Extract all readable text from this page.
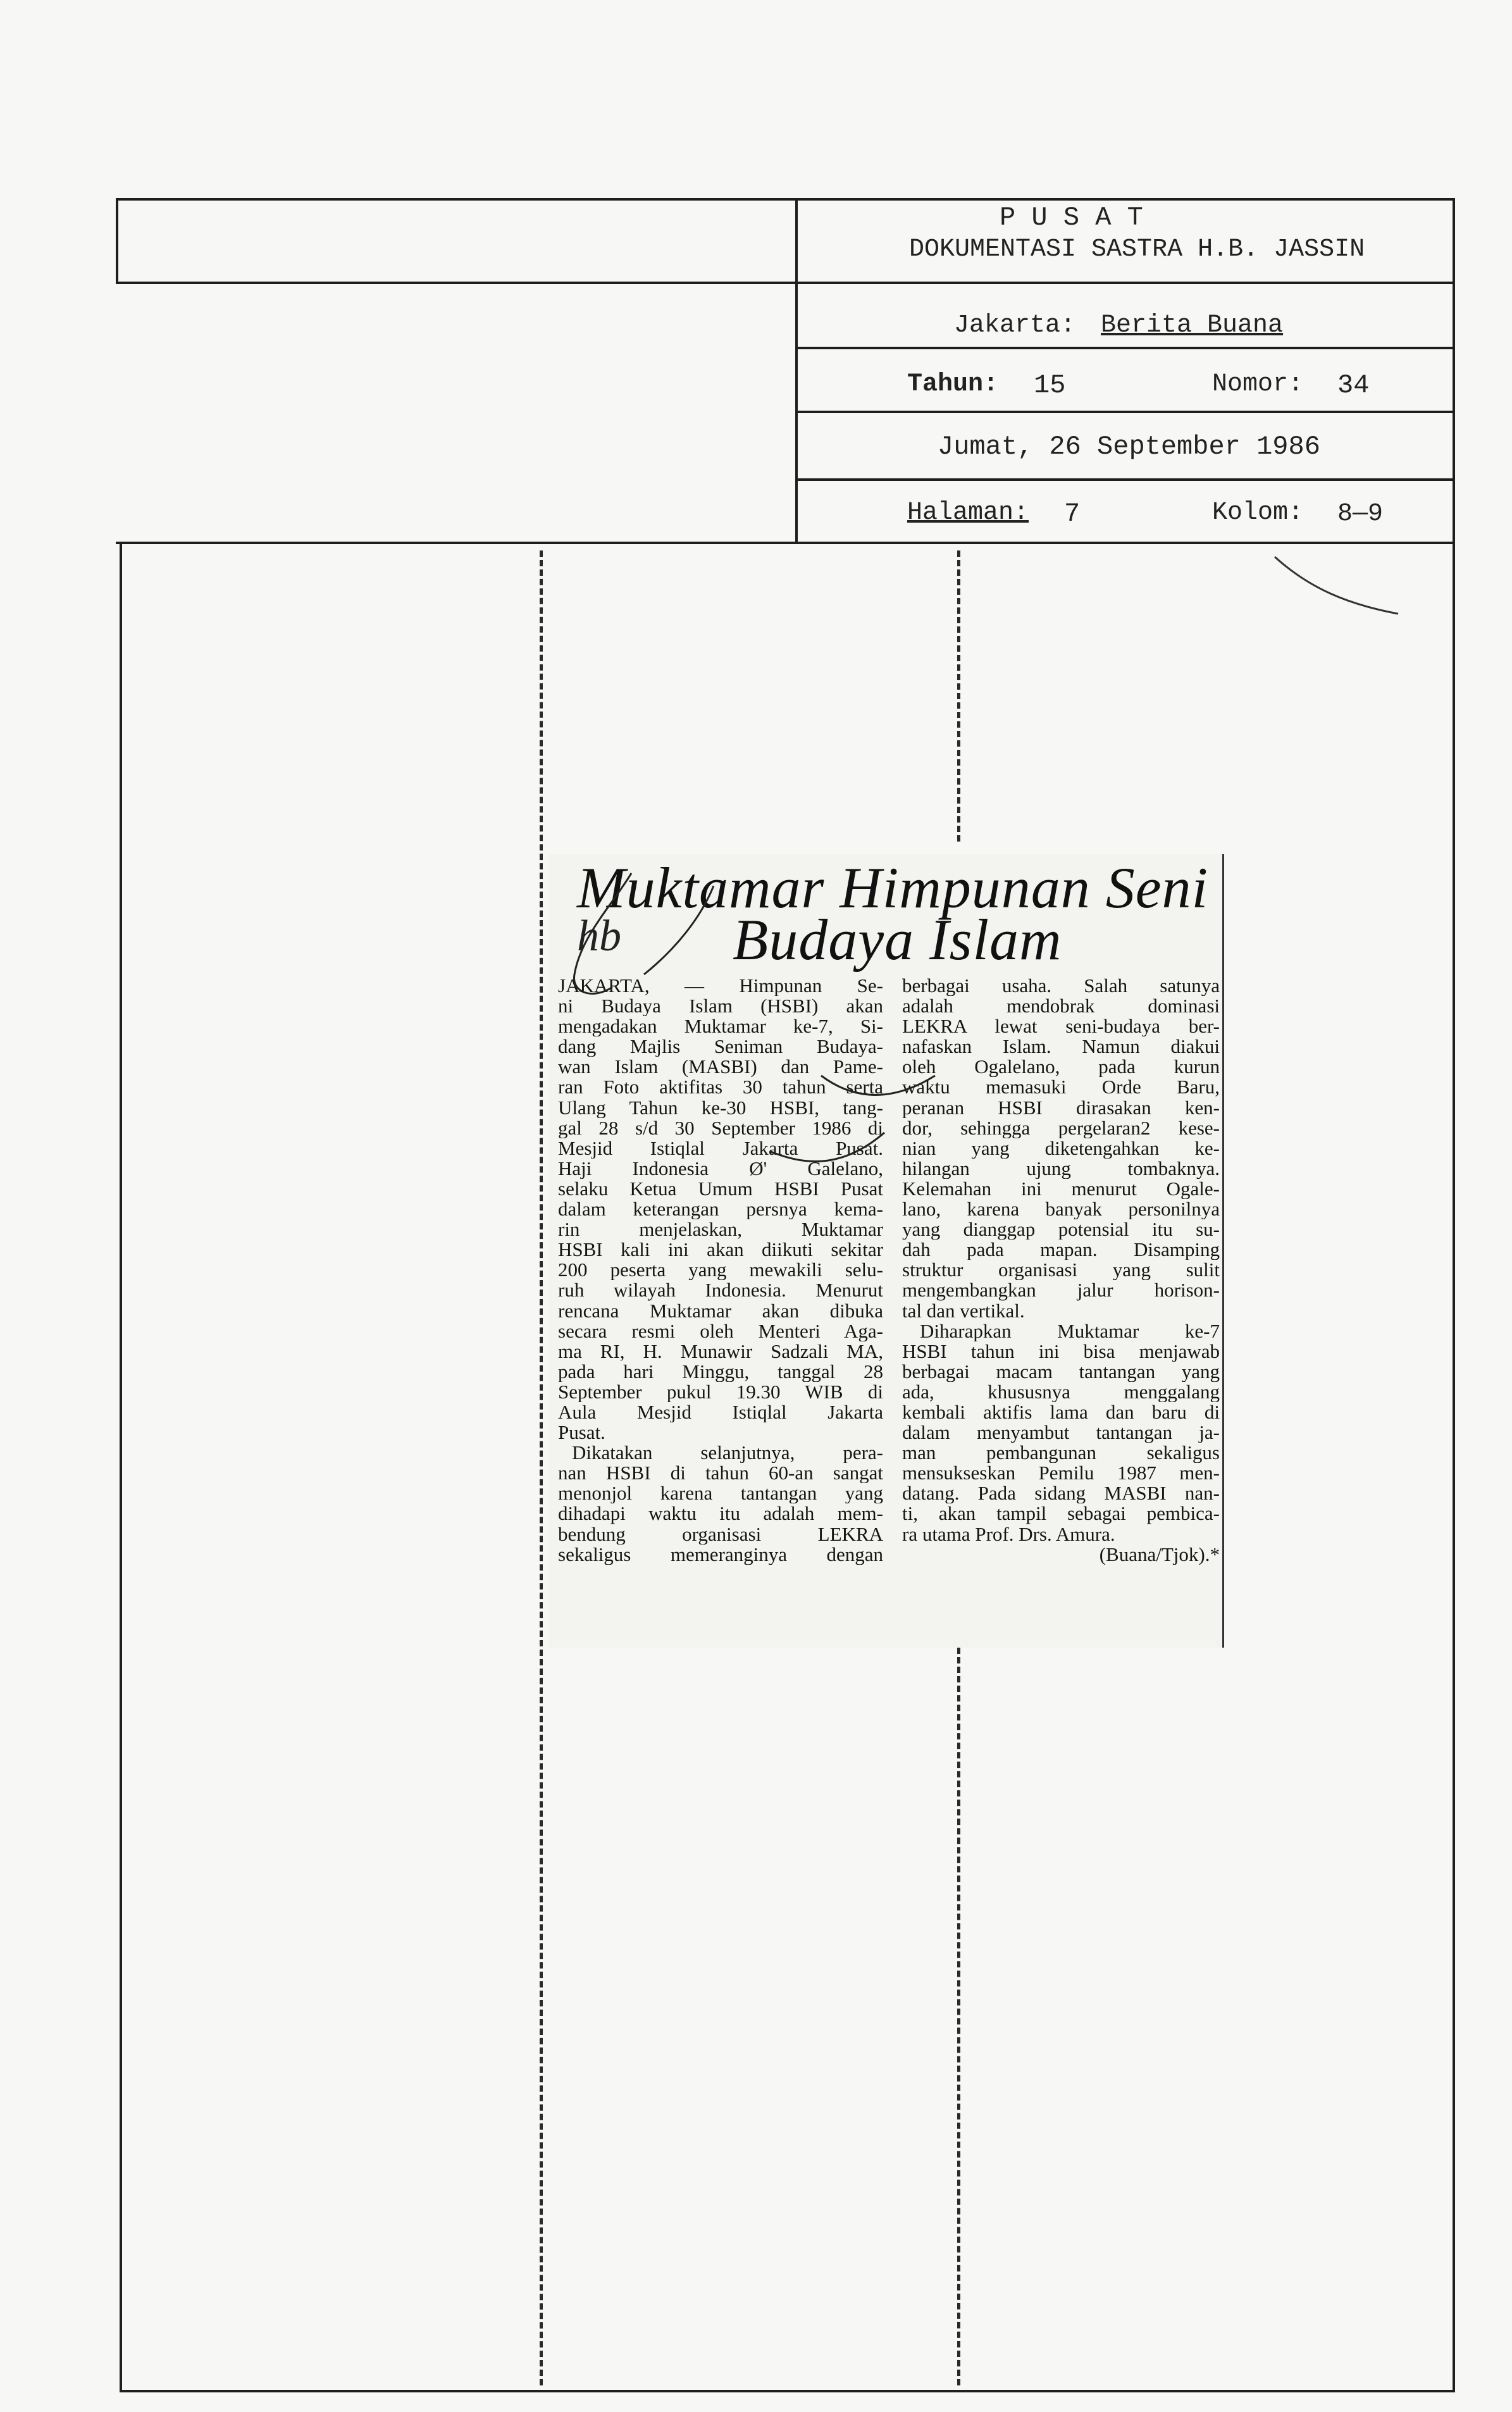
P U S A T
DOKUMENTASI SASTRA H.B. JASSIN
Jakarta: Berita Buana
Tahun: 15	Nomor: 34
Jumat, 26 September 1986
Halaman: 7	Kolom: 8—9
Muktamar Himpunan Seni
Budaya Islam
JAKARTA, — Himpunan Se-
ni Budaya Islam (HSBI) akan
mengadakan Muktamar ke-7, Si-
dang Majlis Seniman Budaya-
wan Islam (MASBI) dan Pame-
ran Foto aktifitas 30 tahun serta
Ulang Tahun ke-30 HSBI, tang-
gal 28 s/d 30 September 1986 di
Mesjid Istiqlal Jakarta Pusat.
Haji Indonesia Ø' Galelano,
selaku Ketua Umum HSBI Pusat
dalam keterangan persnya kema-
rin menjelaskan, Muktamar
HSBI kali ini akan diikuti sekitar
200 peserta yang mewakili selu-
ruh wilayah Indonesia. Menurut
rencana Muktamar akan dibuka
secara resmi oleh Menteri Aga-
ma RI, H. Munawir Sadzali MA,
pada hari Minggu, tanggal 28
September pukul 19.30 WIB di
Aula Mesjid Istiqlal Jakarta
Pusat.
Dikatakan selanjutnya, pera-
nan HSBI di tahun 60-an sangat
menonjol karena tantangan yang
dihadapi waktu itu adalah mem-
bendung organisasi LEKRA
sekaligus memeranginya dengan
berbagai usaha. Salah satunya
adalah mendobrak dominasi
LEKRA lewat seni-budaya ber-
nafaskan Islam. Namun diakui
oleh Ogalelano, pada kurun
waktu memasuki Orde Baru,
peranan HSBI dirasakan ken-
dor, sehingga pergelaran2 kese-
nian yang diketengahkan ke-
hilangan ujung tombaknya.
Kelemahan ini menurut Ogale-
lano, karena banyak personilnya
yang dianggap potensial itu su-
dah pada mapan. Disamping
struktur organisasi yang sulit
mengembangkan jalur horison-
tal dan vertikal.
Diharapkan Muktamar ke-7
HSBI tahun ini bisa menjawab
berbagai macam tantangan yang
ada, khususnya menggalang
kembali aktifis lama dan baru di
dalam menyambut tantangan ja-
man pembangunan sekaligus
mensukseskan Pemilu 1987 men-
datang. Pada sidang MASBI nan-
ti, akan tampil sebagai pembica-
ra utama Prof. Drs. Amura.
(Buana/Tjok).*
hb
